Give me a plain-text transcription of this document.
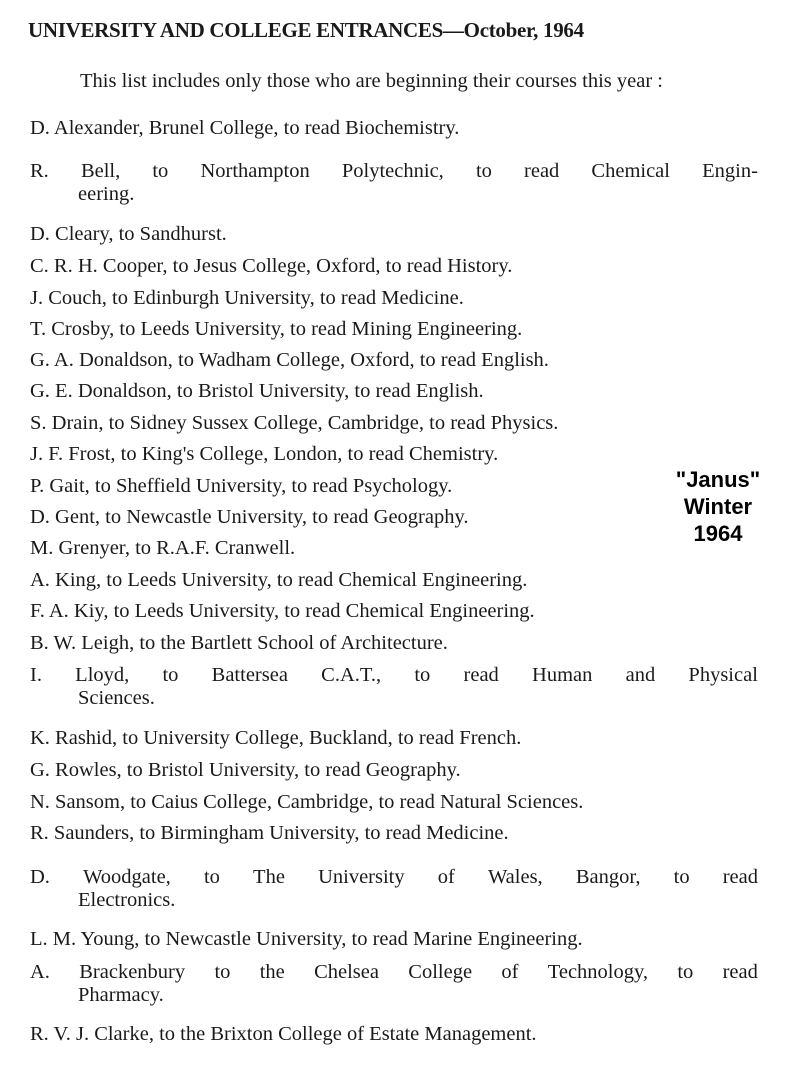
UNIVERSITY AND COLLEGE ENTRANCES—October, 1964
This list includes only those who are beginning their courses this year :
D. Alexander, Brunel College, to read Biochemistry.
R. Bell, to Northampton Polytechnic, to read Chemical Engin-
eering.
D. Cleary, to Sandhurst.
C. R. H. Cooper, to Jesus College, Oxford, to read History.
J. Couch, to Edinburgh University, to read Medicine.
T. Crosby, to Leeds University, to read Mining Engineering.
G. A. Donaldson, to Wadham College, Oxford, to read English.
G. E. Donaldson, to Bristol University, to read English.
S. Drain, to Sidney Sussex College, Cambridge, to read Physics.
J. F. Frost, to King's College, London, to read Chemistry.
P. Gait, to Sheffield University, to read Psychology.
D. Gent, to Newcastle University, to read Geography.
M. Grenyer, to R.A.F. Cranwell.
A. King, to Leeds University, to read Chemical Engineering.
F. A. Kiy, to Leeds University, to read Chemical Engineering.
B. W. Leigh, to the Bartlett School of Architecture.
I. Lloyd, to Battersea C.A.T., to read Human and Physical
Sciences.
K. Rashid, to University College, Buckland, to read French.
G. Rowles, to Bristol University, to read Geography.
N. Sansom, to Caius College, Cambridge, to read Natural Sciences.
R. Saunders, to Birmingham University, to read Medicine.
D. Woodgate, to The University of Wales, Bangor, to read
Electronics.
L. M. Young, to Newcastle University, to read Marine Engineering.
A. Brackenbury to the Chelsea College of Technology, to read
Pharmacy.
R. V. J. Clarke, to the Brixton College of Estate Management.
"Janus"
Winter
1964
